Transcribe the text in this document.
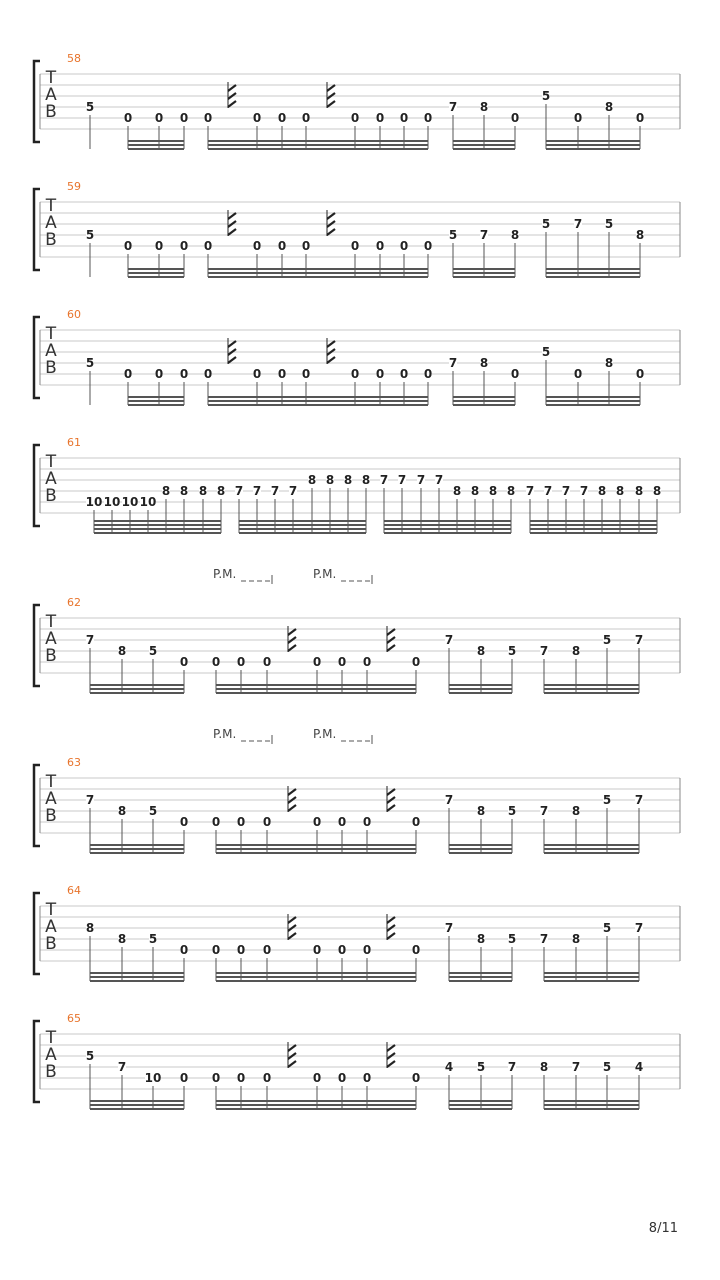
58
T
A
B 5
0 0 0 0	0 0 0	0 0 0 0
7 8
0
5
0
8
0
59
T
A
B 5
0 0 0 0	0 0 0	0 0 0 0
5 7 8
5 7 5
8
60
T
A
B 5
0 0 0 0	0 0 0	0 0 0 0
7 8
0
5
0
8
0
61
T
A
B 10 10 10 10
8 8 8 8 7 7 7 7
8 8 8 8 7 7 7 7
8 8 8 8 7 7 7 7 8 8 8 8
P.M.	P.M.
62
T
A
B
7
8 5
0 0 0 0	0 0 0	0
7
8 5 7 8
5 7
P.M.	P.M.
63
T
A
B
7
8 5
0 0 0 0	0 0 0	0
7
8 5 7 8
5 7
64
T
A
B
8
8 5
0 0 0 0	0 0 0	0
7
8 5 7 8
5 7
65
T
A
B
5
7
10 0 0 0 0	0 0 0	0
4 5 7 8 7 5 4
8/11
